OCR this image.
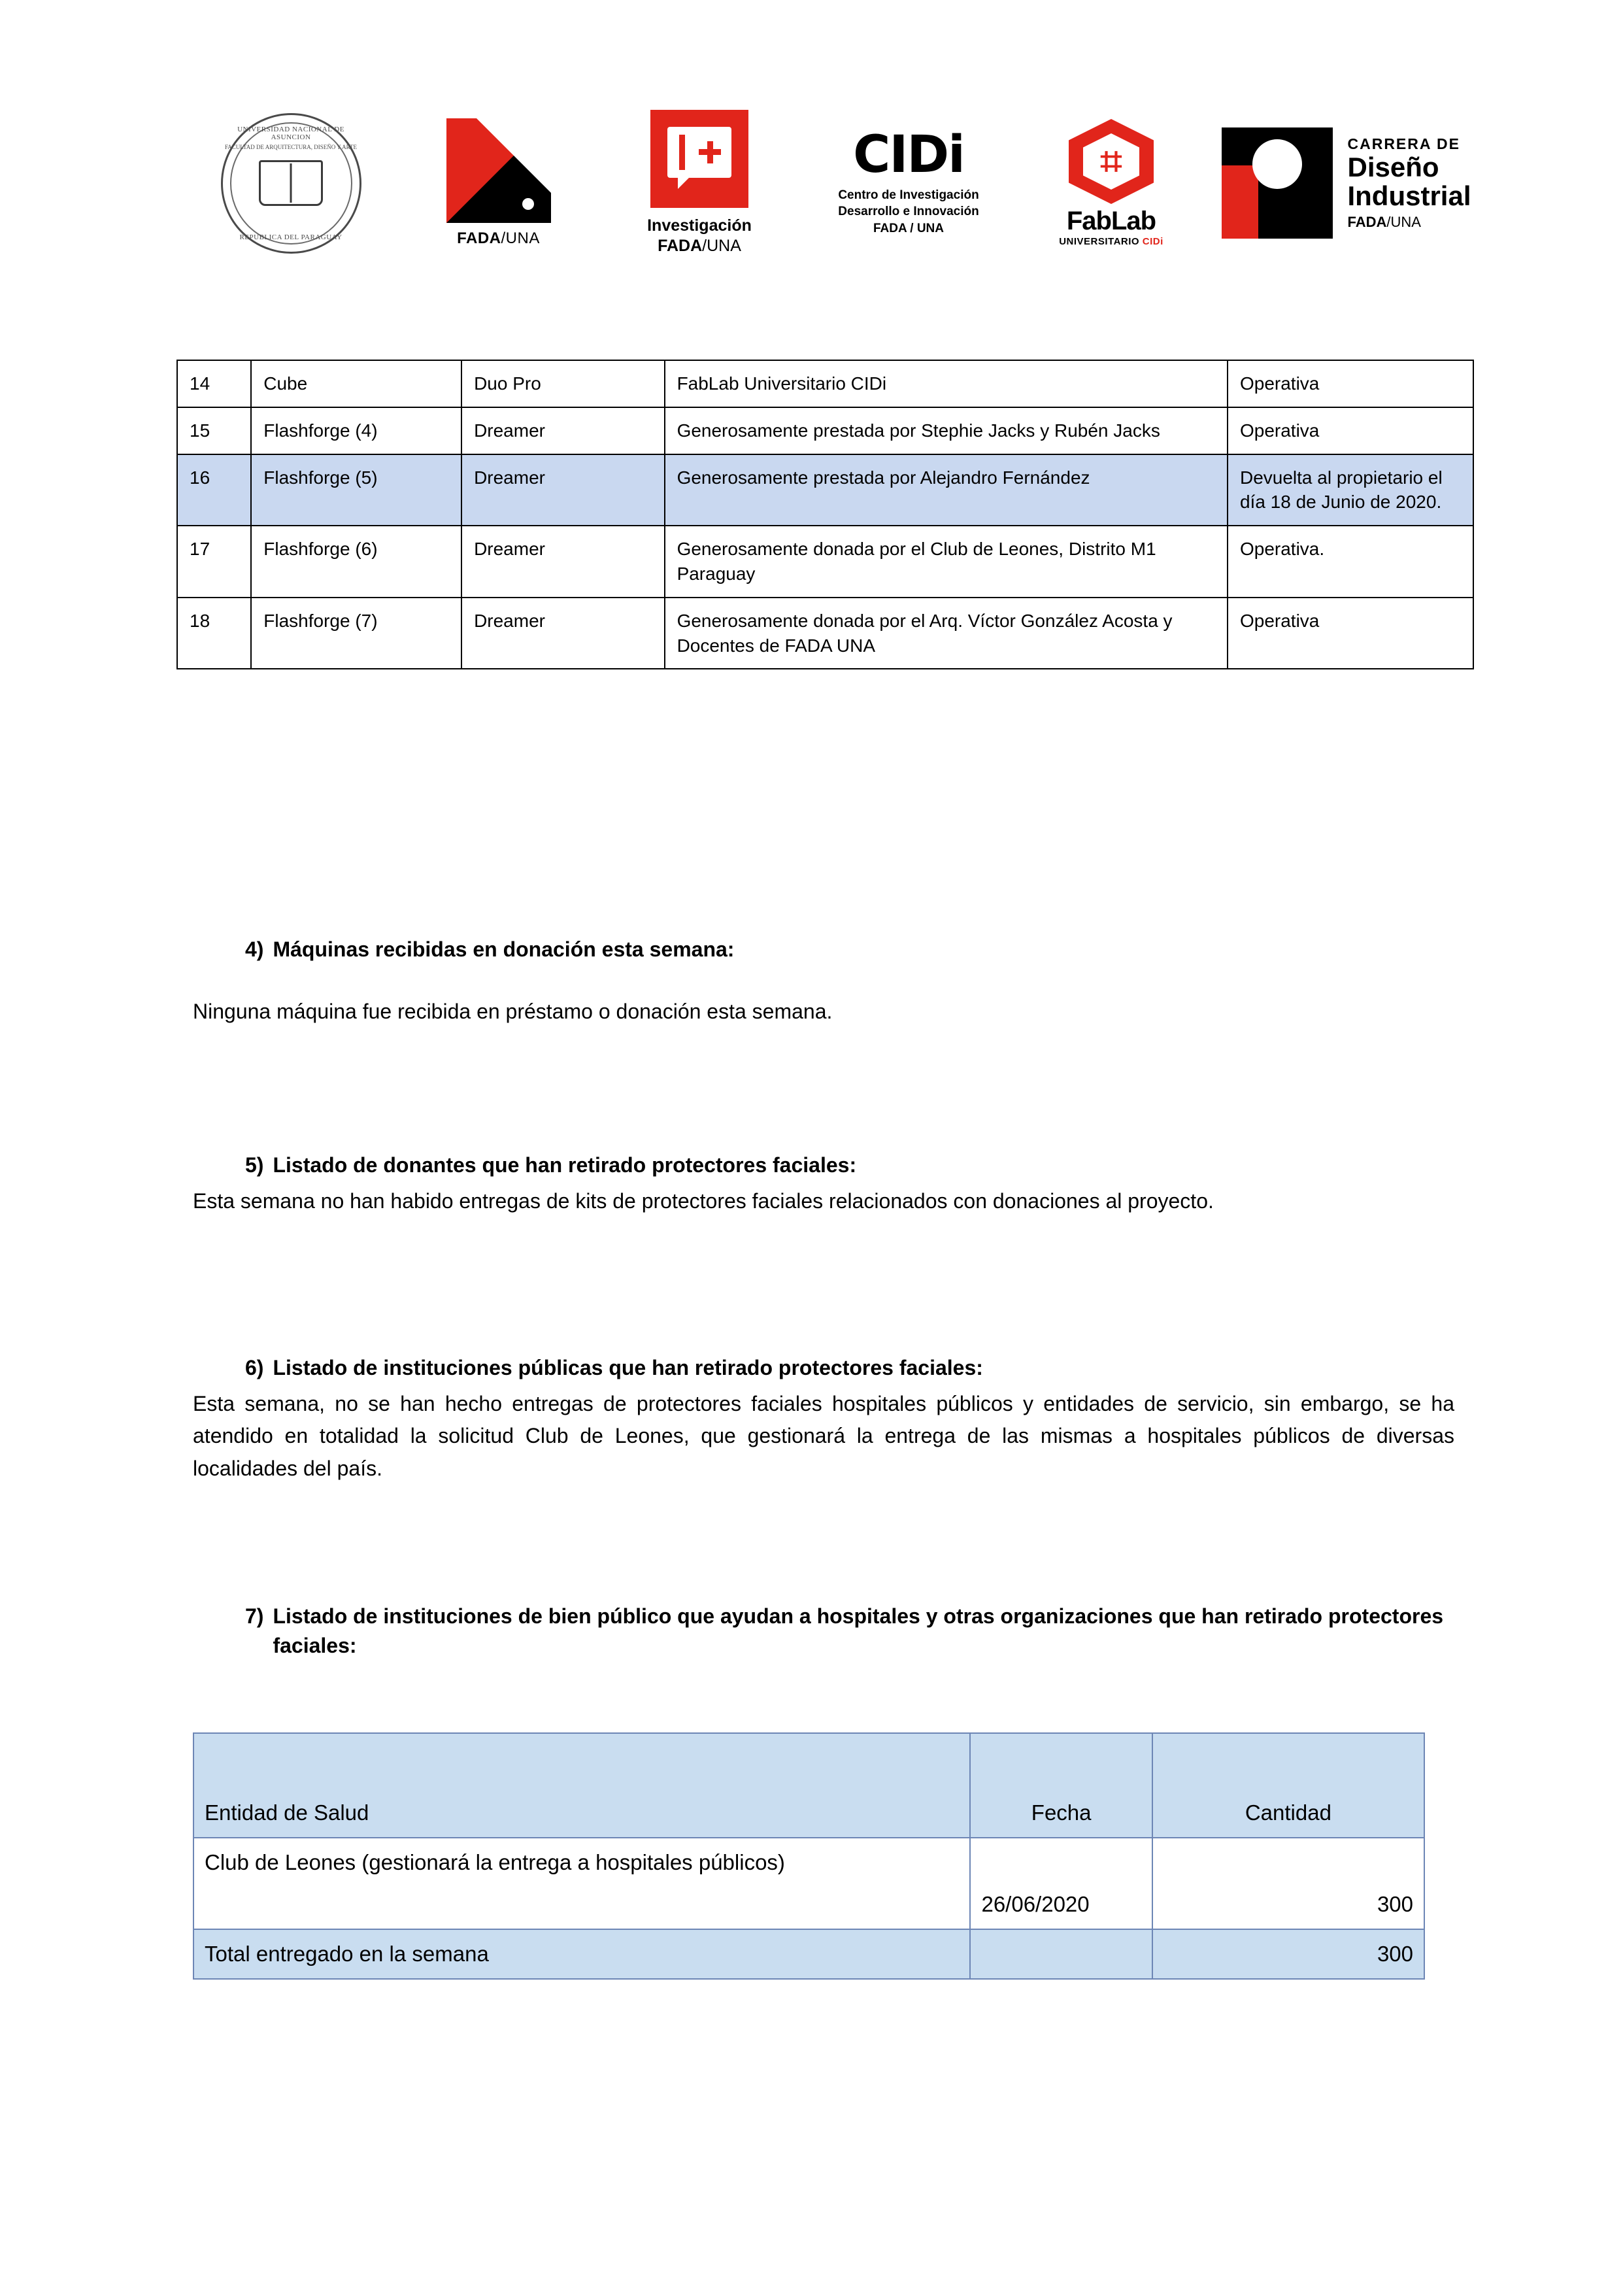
UNIVERSIDAD NACIONAL DE ASUNCION
FACULTAD DE ARQUITECTURA, DISEÑO Y ARTE
REPUBLICA DEL PARAGUAY	FADA/UNA
Investigación
FADA/UNA
CIDi
Centro de Investigación
Desarrollo e Innovación
FADA / UNA
⌗
FabLab
UNIVERSITARIO CIDi
CARRERA DE
Diseño
Industrial
FADA/UNA
14	Cube	Duo Pro	FabLab Universitario CIDi	Operativa
15	Flashforge (4)	Dreamer	Generosamente prestada por Stephie Jacks y Rubén Jacks	Operativa
16	Flashforge (5)	Dreamer	Generosamente prestada por Alejandro Fernández	Devuelta al propietario el día 18 de Junio de 2020.
17	Flashforge (6)	Dreamer	Generosamente donada por el Club de Leones, Distrito M1 Paraguay	Operativa.
18	Flashforge (7)	Dreamer	Generosamente donada por el Arq. Víctor González Acosta y Docentes de FADA UNA	Operativa
4) Máquinas recibidas en donación esta semana:
Ninguna máquina fue recibida en préstamo o donación esta semana.
5) Listado de donantes que han retirado protectores faciales:
Esta semana no han habido entregas de kits de protectores faciales relacionados con donaciones al proyecto.
6) Listado de instituciones públicas que han retirado protectores faciales:
Esta semana, no se han hecho entregas de protectores faciales hospitales públicos y entidades de servicio, sin embargo, se ha atendido en totalidad la solicitud Club de Leones, que gestionará la entrega de las mismas a hospitales públicos de diversas localidades del país.
7) Listado de instituciones de bien público que ayudan a hospitales y otras organizaciones que han retirado protectores faciales:
Entidad de Salud	Fecha	Cantidad
Club de Leones (gestionará la entrega a hospitales públicos)	26/06/2020	300
Total entregado en la semana		300
